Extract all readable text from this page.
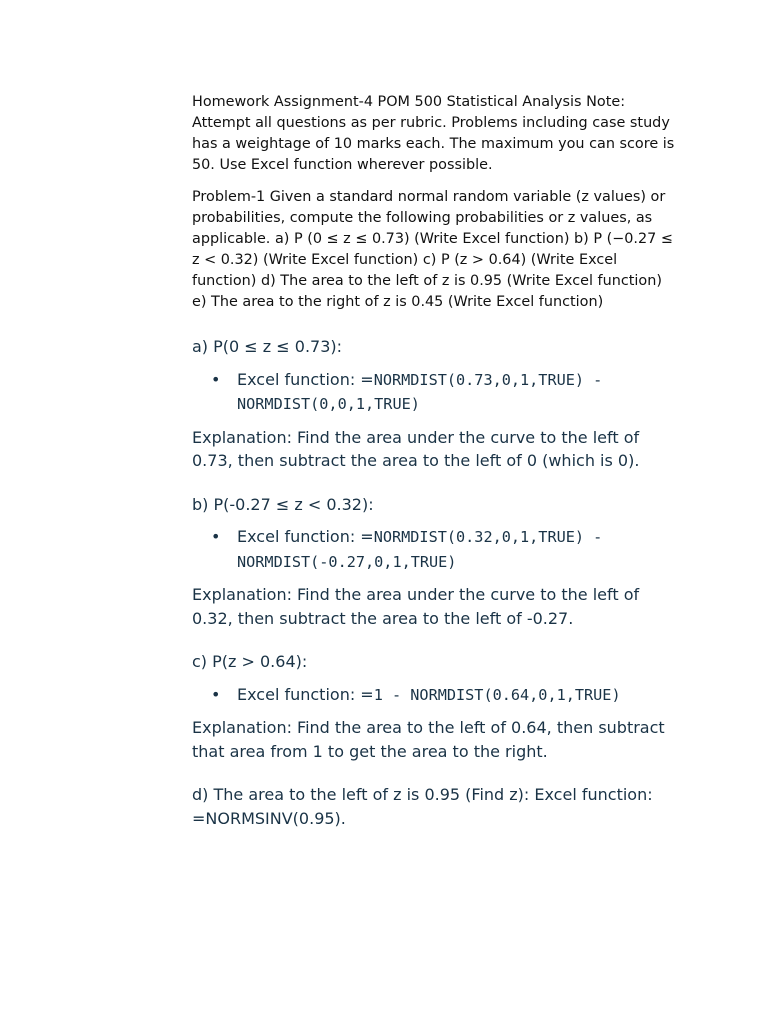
Homework Assignment-4 POM 500 Statistical Analysis Note: Attempt all questions as per rubric. Problems including case study has a weightage of 10 marks each. The maximum you can score is 50. Use Excel function wherever possible.

Problem-1 Given a standard normal random variable (z values) or probabilities, compute the following probabilities or z values, as applicable. a) P (0 ≤ z ≤ 0.73) (Write Excel function) b) P (−0.27 ≤ z < 0.32) (Write Excel function) c) P (z > 0.64) (Write Excel function) d) The area to the left of z is 0.95 (Write Excel function) e) The area to the right of z is 0.45 (Write Excel function)

a) P(0 ≤ z ≤ 0.73):

• Excel function: =NORMDIST(0.73,0,1,TRUE) - NORMDIST(0,0,1,TRUE)

Explanation: Find the area under the curve to the left of 0.73, then subtract the area to the left of 0 (which is 0).

b) P(-0.27 ≤ z < 0.32):

• Excel function: =NORMDIST(0.32,0,1,TRUE) - NORMDIST(-0.27,0,1,TRUE)

Explanation: Find the area under the curve to the left of 0.32, then subtract the area to the left of -0.27.

c) P(z > 0.64):

• Excel function: =1 - NORMDIST(0.64,0,1,TRUE)

Explanation: Find the area to the left of 0.64, then subtract that area from 1 to get the area to the right.

d) The area to the left of z is 0.95 (Find z): Excel function: =NORMSINV(0.95).
